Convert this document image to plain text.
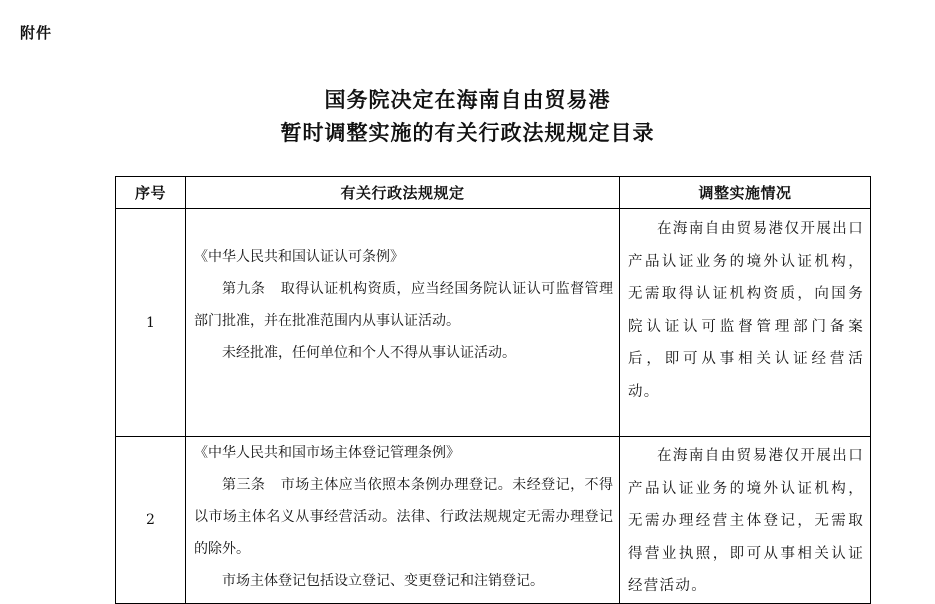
附件
国务院决定在海南自由贸易港
暂时调整实施的有关行政法规规定目录
序号	有关行政法规规定	调整实施情况
1	《中华人民共和国认证认可条例》
第九条 取得认证机构资质，应当经国务院认证认可监督管理部门批准，并在批准范围内从事认证活动。
未经批准，任何单位和个人不得从事认证活动。	在海南自由贸易港仅开展出口产品认证业务的境外认证机构，无需取得认证机构资质，向国务院认证认可监督管理部门备案后，即可从事相关认证经营活动。

2	《中华人民共和国市场主体登记管理条例》
第三条 市场主体应当依照本条例办理登记。未经登记，不得以市场主体名义从事经营活动。法律、行政法规规定无需办理登记的除外。
市场主体登记包括设立登记、变更登记和注销登记。	在海南自由贸易港仅开展出口产品认证业务的境外认证机构，无需办理经营主体登记，无需取得营业执照，即可从事相关认证经营活动。
